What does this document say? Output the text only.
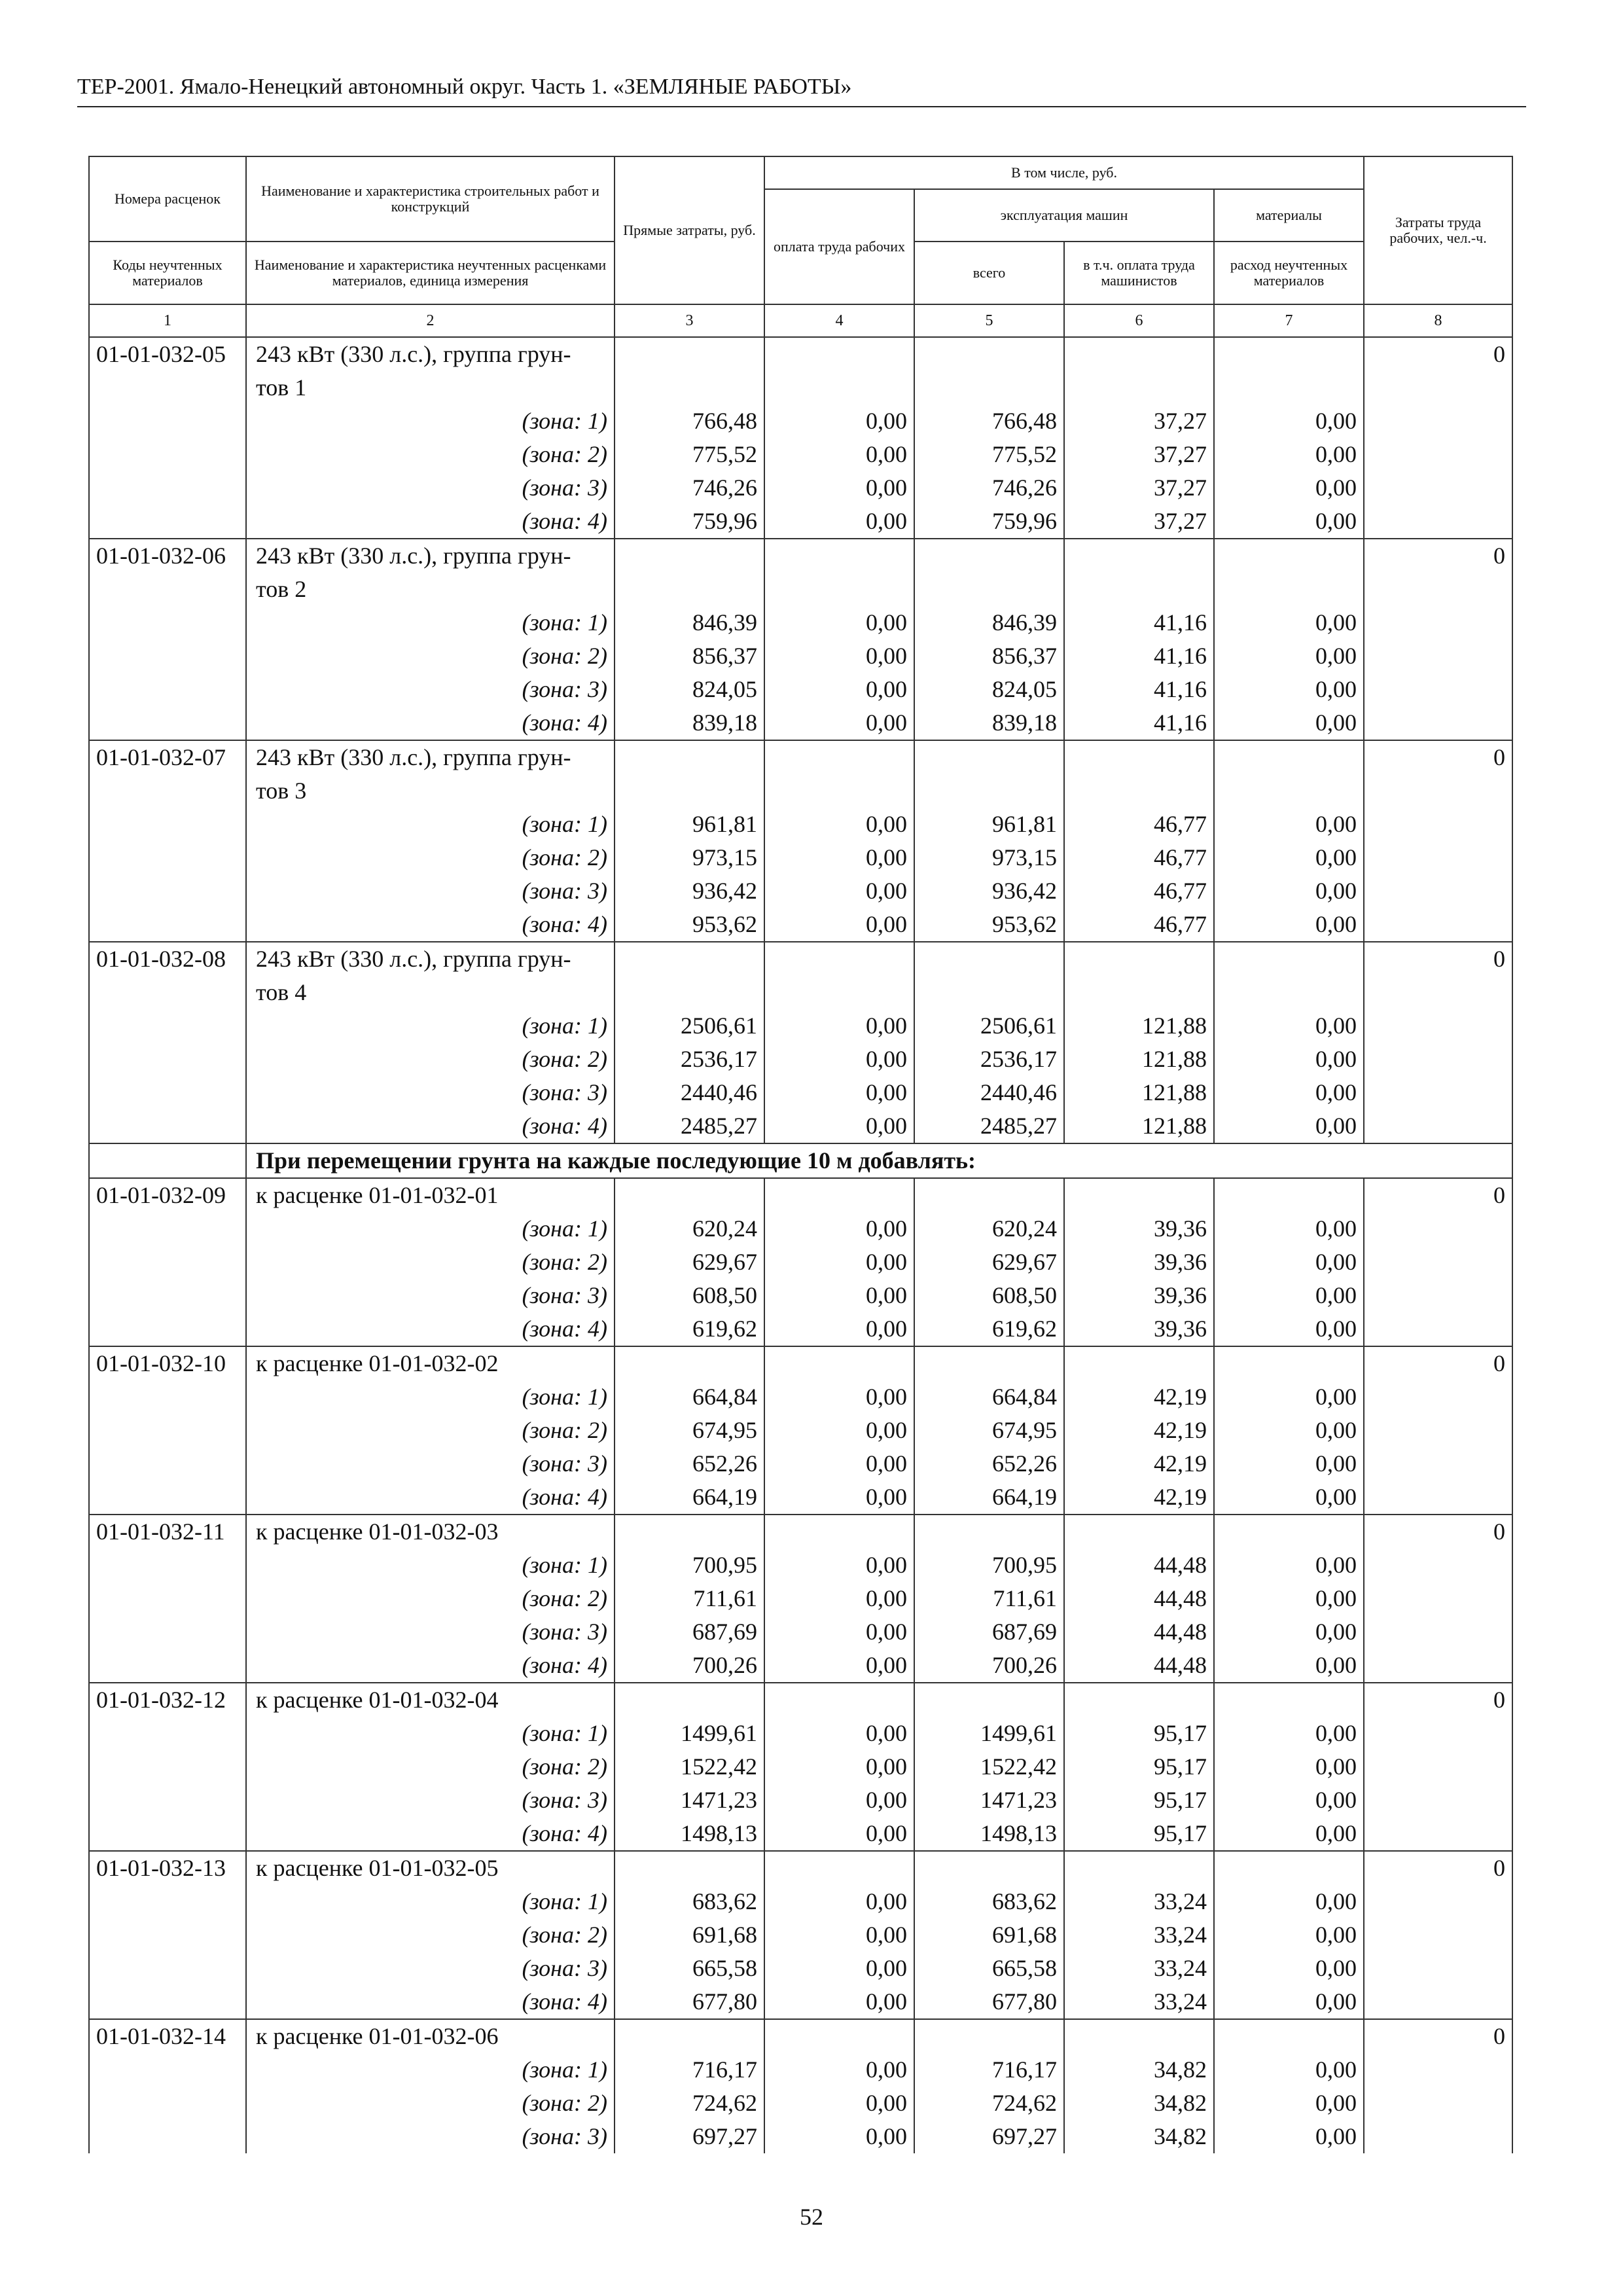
ТЕР-2001. Ямало-Ненецкий автономный округ. Часть 1. «ЗЕМЛЯНЫЕ РАБОТЫ»
Номера расценок	Наименование и характеристика строительных работ и конструкций	Прямые затраты, руб.	В том числе, руб.				Затраты труда рабочих, чел.-ч.
			оплата труда рабочих	эксплуатация машин		материалы	
Коды неучтенных материалов	Наименование и характеристика неучтенных расценками материалов, единица измерения			всего	в т.ч. оплата труда машинистов	расход неучтенных материалов	
1	2	3	4	5	6	7	8
01-01-032-05	243 кВт (330 л.с.), группа грун-						0
	тов 1						
	(зона: 1)	766,48	0,00	766,48	37,27	0,00	
	(зона: 2)	775,52	0,00	775,52	37,27	0,00	
	(зона: 3)	746,26	0,00	746,26	37,27	0,00	
	(зона: 4)	759,96	0,00	759,96	37,27	0,00	
01-01-032-06	243 кВт (330 л.с.), группа грун-						0
	тов 2						
	(зона: 1)	846,39	0,00	846,39	41,16	0,00	
	(зона: 2)	856,37	0,00	856,37	41,16	0,00	
	(зона: 3)	824,05	0,00	824,05	41,16	0,00	
	(зона: 4)	839,18	0,00	839,18	41,16	0,00	
01-01-032-07	243 кВт (330 л.с.), группа грун-						0
	тов 3						
	(зона: 1)	961,81	0,00	961,81	46,77	0,00	
	(зона: 2)	973,15	0,00	973,15	46,77	0,00	
	(зона: 3)	936,42	0,00	936,42	46,77	0,00	
	(зона: 4)	953,62	0,00	953,62	46,77	0,00	
01-01-032-08	243 кВт (330 л.с.), группа грун-						0
	тов 4						
	(зона: 1)	2506,61	0,00	2506,61	121,88	0,00	
	(зона: 2)	2536,17	0,00	2536,17	121,88	0,00	
	(зона: 3)	2440,46	0,00	2440,46	121,88	0,00	
	(зона: 4)	2485,27	0,00	2485,27	121,88	0,00	
	При перемещении грунта на каждые последующие 10 м добавлять:						
01-01-032-09	к расценке 01-01-032-01						0
	(зона: 1)	620,24	0,00	620,24	39,36	0,00	
	(зона: 2)	629,67	0,00	629,67	39,36	0,00	
	(зона: 3)	608,50	0,00	608,50	39,36	0,00	
	(зона: 4)	619,62	0,00	619,62	39,36	0,00	
01-01-032-10	к расценке 01-01-032-02						0
	(зона: 1)	664,84	0,00	664,84	42,19	0,00	
	(зона: 2)	674,95	0,00	674,95	42,19	0,00	
	(зона: 3)	652,26	0,00	652,26	42,19	0,00	
	(зона: 4)	664,19	0,00	664,19	42,19	0,00	
01-01-032-11	к расценке 01-01-032-03						0
	(зона: 1)	700,95	0,00	700,95	44,48	0,00	
	(зона: 2)	711,61	0,00	711,61	44,48	0,00	
	(зона: 3)	687,69	0,00	687,69	44,48	0,00	
	(зона: 4)	700,26	0,00	700,26	44,48	0,00	
01-01-032-12	к расценке 01-01-032-04						0
	(зона: 1)	1499,61	0,00	1499,61	95,17	0,00	
	(зона: 2)	1522,42	0,00	1522,42	95,17	0,00	
	(зона: 3)	1471,23	0,00	1471,23	95,17	0,00	
	(зона: 4)	1498,13	0,00	1498,13	95,17	0,00	
01-01-032-13	к расценке 01-01-032-05						0
	(зона: 1)	683,62	0,00	683,62	33,24	0,00	
	(зона: 2)	691,68	0,00	691,68	33,24	0,00	
	(зона: 3)	665,58	0,00	665,58	33,24	0,00	
	(зона: 4)	677,80	0,00	677,80	33,24	0,00	
01-01-032-14	к расценке 01-01-032-06						0
	(зона: 1)	716,17	0,00	716,17	34,82	0,00	
	(зона: 2)	724,62	0,00	724,62	34,82	0,00	
	(зона: 3)	697,27	0,00	697,27	34,82	0,00	
52
